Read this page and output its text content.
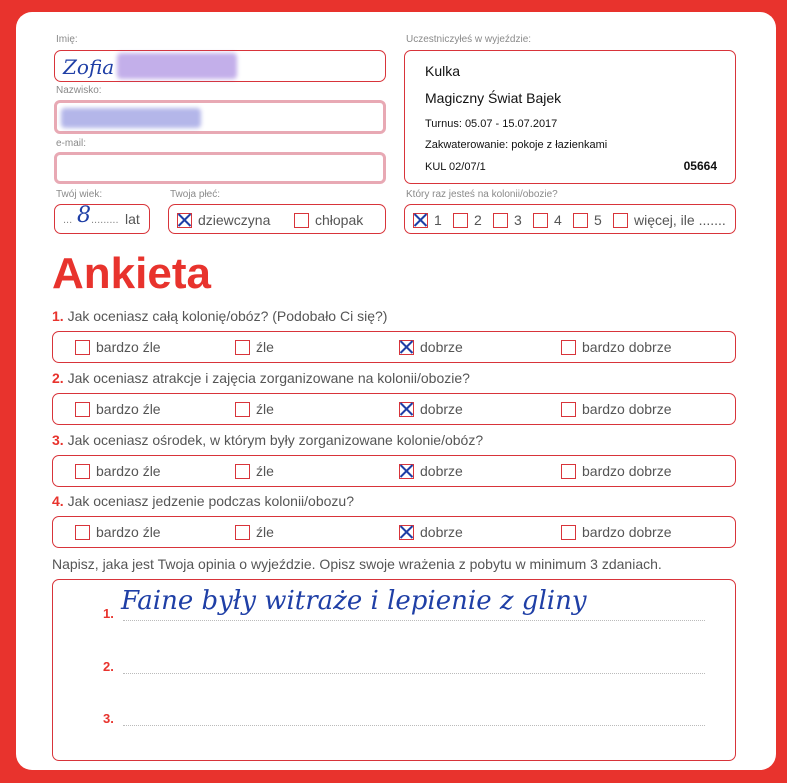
Imię:
Zofia
Nazwisko:
e-mail:
Twój wiek:
... 8 ......... lat
Twoja płeć:
dziewczyna	chłopak
Uczestniczyłeś w wyjeździe:
Kulka
Magiczny Świat Bajek
Turnus: 05.07 - 15.07.2017
Zakwaterowanie: pokoje z łazienkami
KUL 02/07/1	05664
Który raz jesteś na kolonii/obozie?
1	2	3	4	5	więcej, ile .......
Ankieta
1. Jak oceniasz całą kolonię/obóz? (Podobało Ci się?)
bardzo źle	źle	dobrze	bardzo dobrze
2. Jak oceniasz atrakcje i zajęcia zorganizowane na kolonii/obozie?
bardzo źle	źle	dobrze	bardzo dobrze
3. Jak oceniasz ośrodek, w którym były zorganizowane kolonie/obóz?
bardzo źle	źle	dobrze	bardzo dobrze
4. Jak oceniasz jedzenie podczas kolonii/obozu?
bardzo źle	źle	dobrze	bardzo dobrze
Napisz, jaka jest Twoja opinia o wyjeździe. Opisz swoje wrażenia z pobytu w minimum 3 zdaniach.
1. Faine były witraże i lepienie z gliny
2.
3.
